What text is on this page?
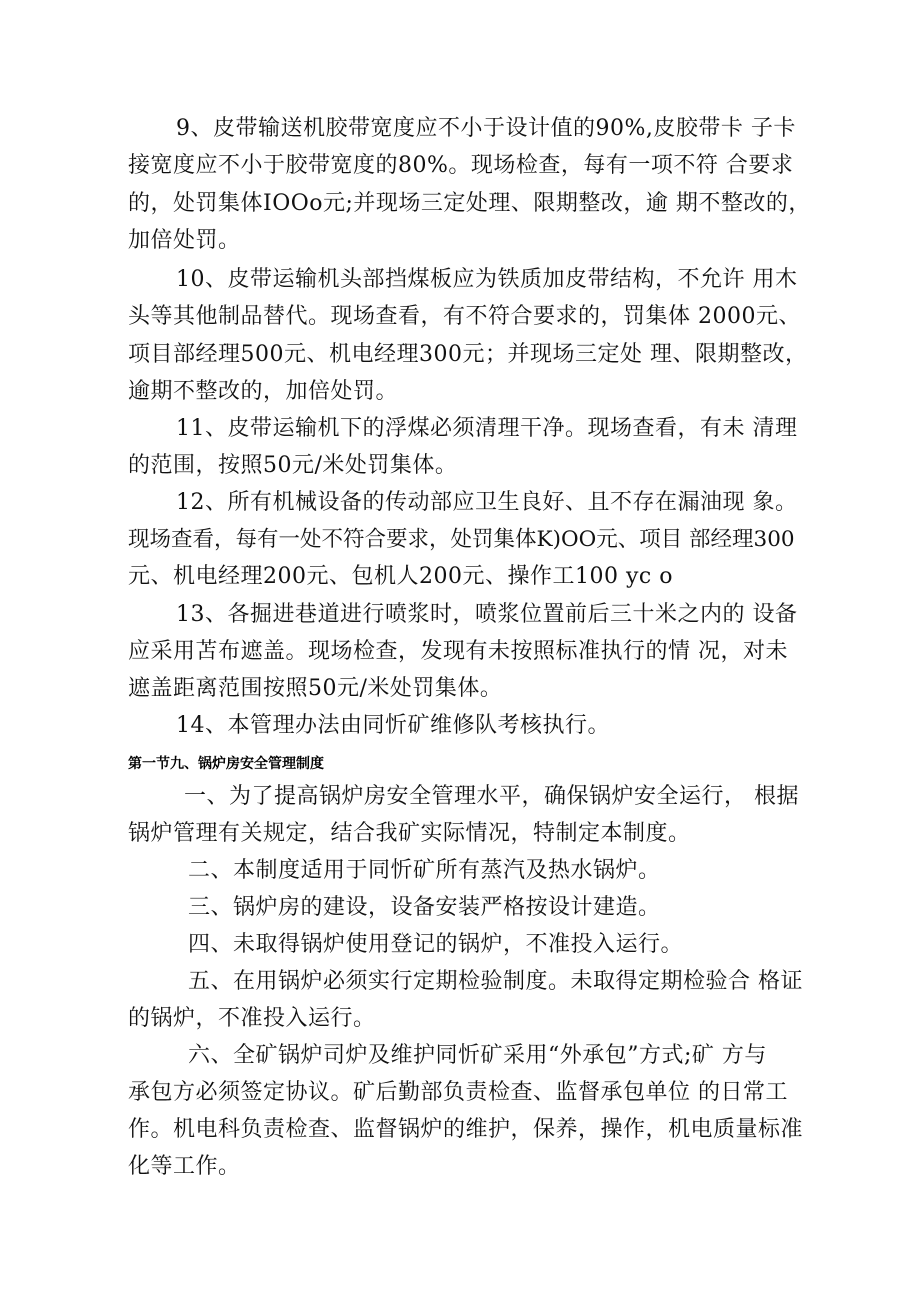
9、皮带输送机胶带宽度应不小于设计值的90%,皮胶带卡 子卡
接宽度应不小于胶带宽度的80%。现场检查，每有一项不符 合要求
的，处罚集体IOOo元;并现场三定处理、限期整改，逾 期不整改的，
加倍处罚。
10、皮带运输机头部挡煤板应为铁质加皮带结构，不允许 用木
头等其他制品替代。现场查看，有不符合要求的，罚集体 2000元、
项目部经理500元、机电经理300元；并现场三定处 理、限期整改，
逾期不整改的，加倍处罚。
11、皮带运输机下的浮煤必须清理干净。现场查看，有未 清理
的范围，按照50元/米处罚集体。
12、所有机械设备的传动部应卫生良好、且不存在漏油现 象。
现场查看，每有一处不符合要求，处罚集体K)OO元、项目 部经理300
元、机电经理200元、包机人200元、操作工100 yc o
13、各掘进巷道进行喷浆时，喷浆位置前后三十米之内的 设备
应采用苫布遮盖。现场检查，发现有未按照标准执行的情 况，对未
遮盖距离范围按照50元/米处罚集体。
14、本管理办法由同忻矿维修队考核执行。
第一节九、锅炉房安全管理制度
一、为了提高锅炉房安全管理水平，确保锅炉安全运行， 根据
锅炉管理有关规定，结合我矿实际情况，特制定本制度。
二、本制度适用于同忻矿所有蒸汽及热水锅炉。
三、锅炉房的建设，设备安装严格按设计建造。
四、未取得锅炉使用登记的锅炉，不准投入运行。
五、在用锅炉必须实行定期检验制度。未取得定期检验合 格证
的锅炉，不准投入运行。
六、全矿锅炉司炉及维护同忻矿采用“外承包”方式;矿 方与
承包方必须签定协议。矿后勤部负责检查、监督承包单位 的日常工
作。机电科负责检查、监督锅炉的维护，保养，操作，机电质量标准
化等工作。
